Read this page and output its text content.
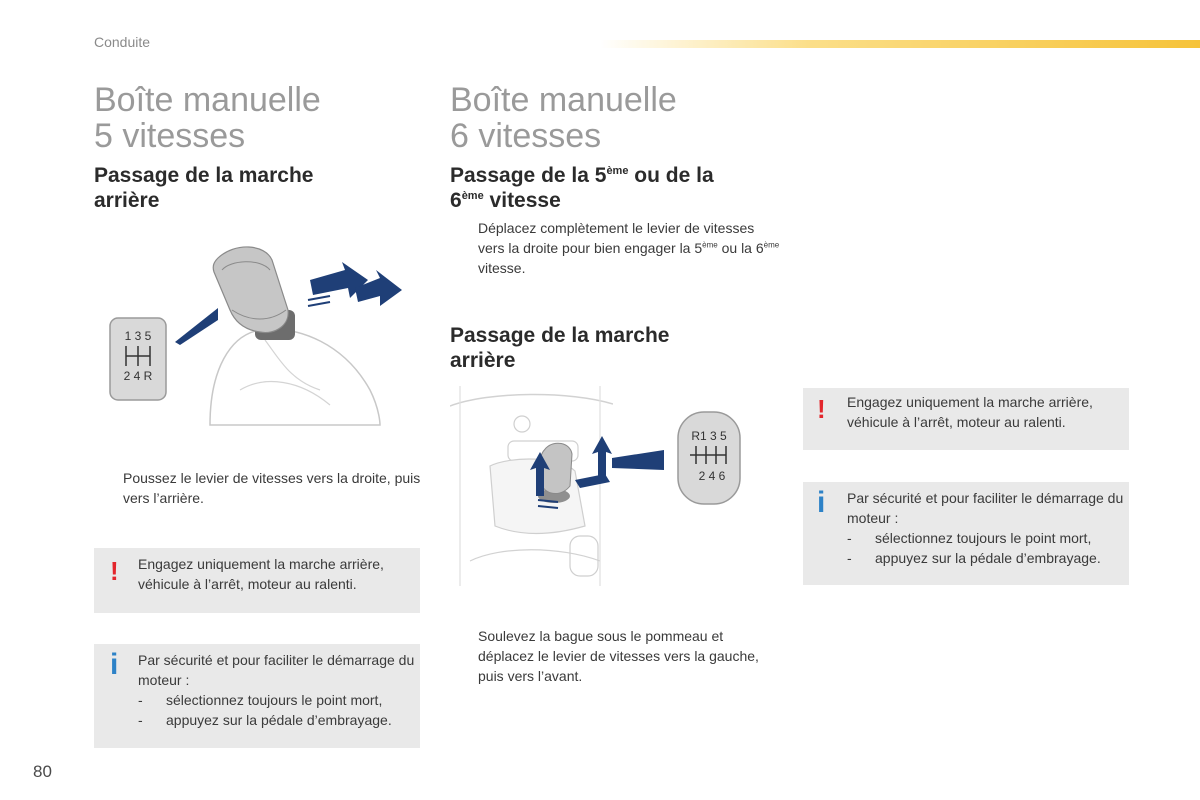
Conduite
Boîte manuelle
5 vitesses
Passage de la marche arrière
1 3 5
2 4 R
Poussez le levier de vitesses vers la droite, puis vers l’arrière.
! Engagez uniquement la marche arrière, véhicule à l’arrêt, moteur au ralenti.
i Par sécurité et pour faciliter le démarrage du moteur :
- sélectionnez toujours le point mort,
- appuyez sur la pédale d’embrayage.
Boîte manuelle
6 vitesses
Passage de la 5ème ou de la
6ème vitesse
Déplacez complètement le levier de vitesses vers la droite pour bien engager la 5ème ou la 6ème vitesse.
Passage de la marche arrière
R1 3 5
2 4 6
Soulevez la bague sous le pommeau et déplacez le levier de vitesses vers la gauche, puis vers l’avant.
! Engagez uniquement la marche arrière, véhicule à l’arrêt, moteur au ralenti.
i Par sécurité et pour faciliter le démarrage du moteur :
- sélectionnez toujours le point mort,
- appuyez sur la pédale d’embrayage.
80
